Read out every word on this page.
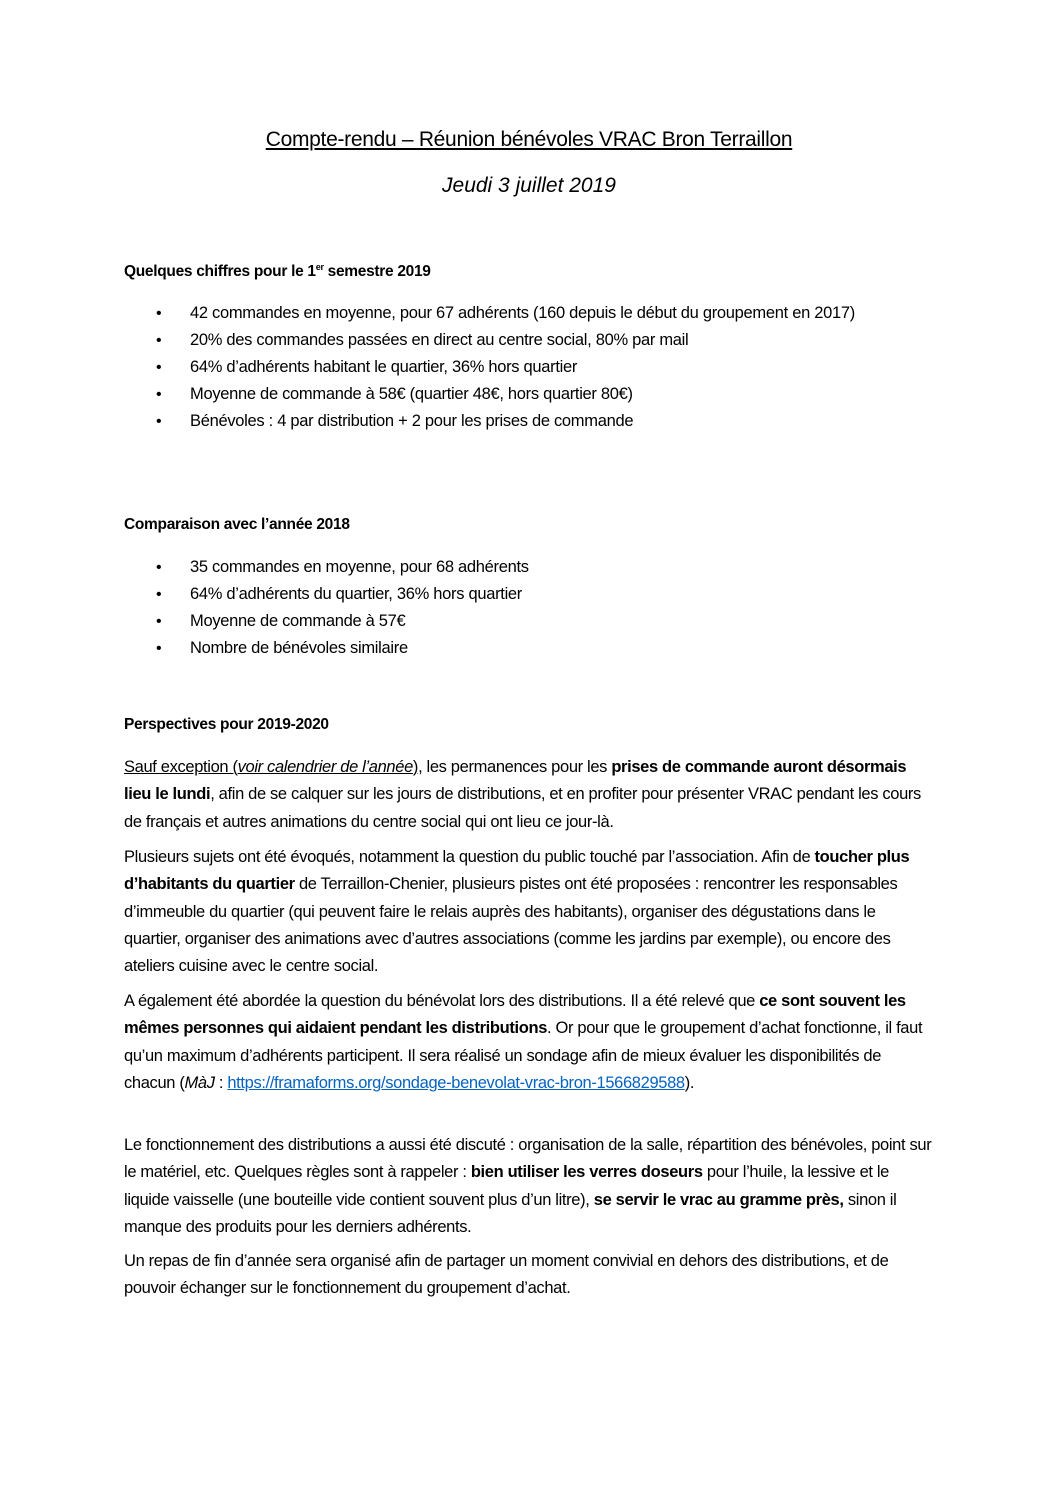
Compte-rendu – Réunion bénévoles VRAC Bron Terraillon
Jeudi 3 juillet 2019
Quelques chiffres pour le 1er semestre 2019
• 42 commandes en moyenne, pour 67 adhérents (160 depuis le début du groupement en 2017)
• 20% des commandes passées en direct au centre social, 80% par mail
• 64% d’adhérents habitant le quartier, 36% hors quartier
• Moyenne de commande à 58€ (quartier 48€, hors quartier 80€)
• Bénévoles : 4 par distribution + 2 pour les prises de commande
Comparaison avec l’année 2018
• 35 commandes en moyenne, pour 68 adhérents
• 64% d’adhérents du quartier, 36% hors quartier
• Moyenne de commande à 57€
• Nombre de bénévoles similaire
Perspectives pour 2019-2020

Sauf exception (voir calendrier de l’année), les permanences pour les prises de commande auront désormais lieu le lundi, afin de se calquer sur les jours de distributions, et en profiter pour présenter VRAC pendant les cours de français et autres animations du centre social qui ont lieu ce jour-là.

Plusieurs sujets ont été évoqués, notamment la question du public touché par l’association. Afin de toucher plus d’habitants du quartier de Terraillon-Chenier, plusieurs pistes ont été proposées : rencontrer les responsables d’immeuble du quartier (qui peuvent faire le relais auprès des habitants), organiser des dégustations dans le quartier, organiser des animations avec d’autres associations (comme les jardins par exemple), ou encore des ateliers cuisine avec le centre social.

A également été abordée la question du bénévolat lors des distributions. Il a été relevé que ce sont souvent les mêmes personnes qui aidaient pendant les distributions. Or pour que le groupement d’achat fonctionne, il faut qu’un maximum d’adhérents participent. Il sera réalisé un sondage afin de mieux évaluer les disponibilités de chacun (MàJ : https://framaforms.org/sondage-benevolat-vrac-bron-1566829588).

Le fonctionnement des distributions a aussi été discuté : organisation de la salle, répartition des bénévoles, point sur le matériel, etc. Quelques règles sont à rappeler : bien utiliser les verres doseurs pour l’huile, la lessive et le liquide vaisselle (une bouteille vide contient souvent plus d’un litre), se servir le vrac au gramme près, sinon il manque des produits pour les derniers adhérents.

Un repas de fin d’année sera organisé afin de partager un moment convivial en dehors des distributions, et de pouvoir échanger sur le fonctionnement du groupement d’achat.
